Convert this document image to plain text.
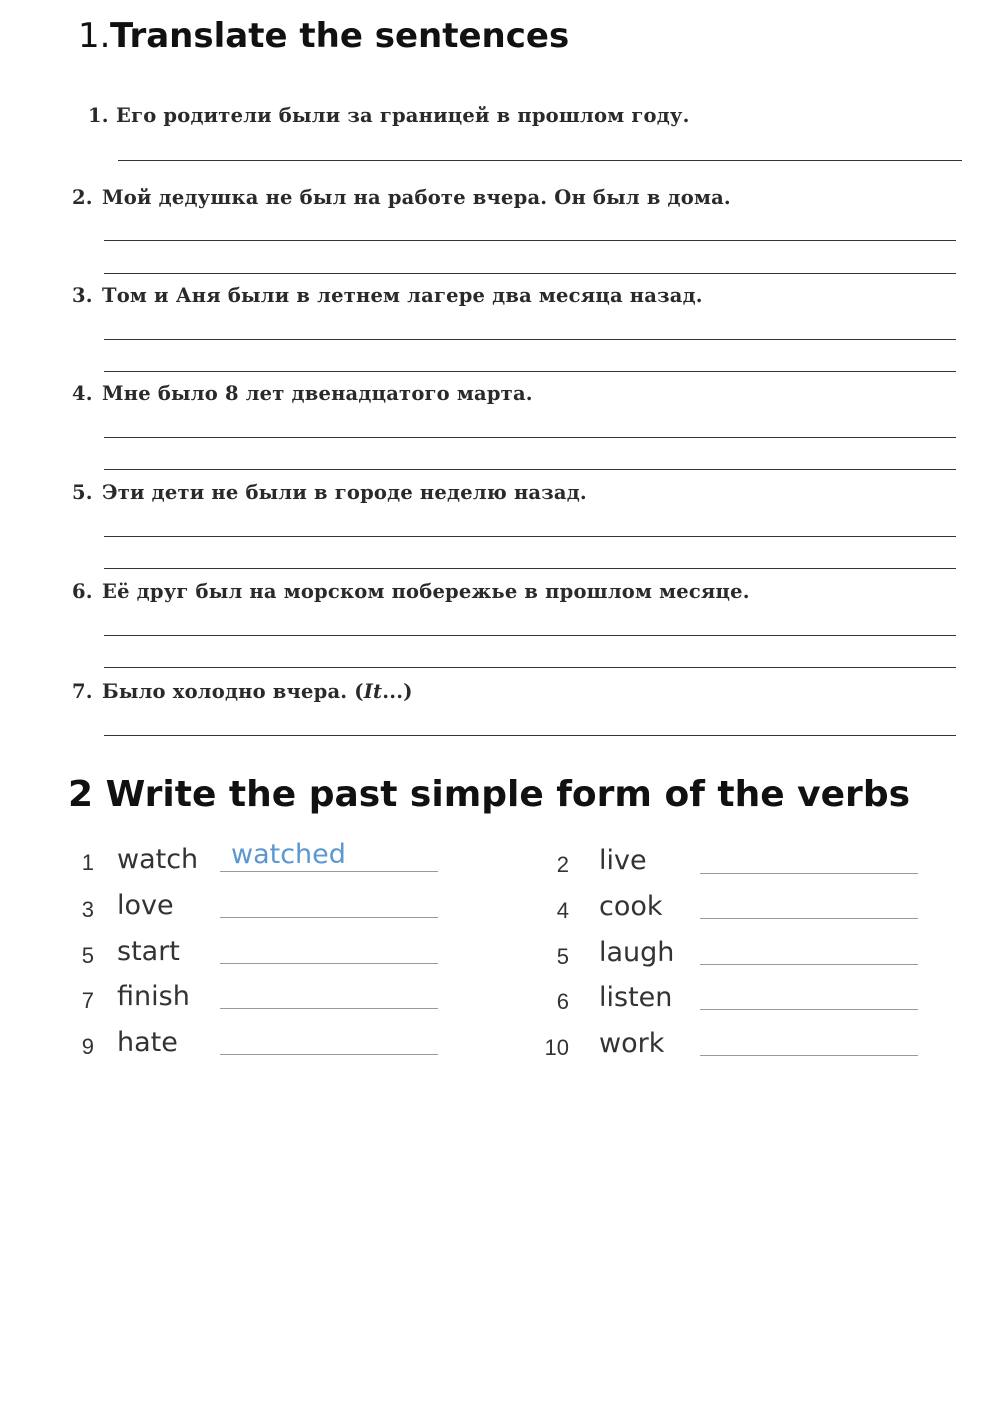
1. Translate the sentences
1. Его родители были за границей в прошлом году.
2. Мой дедушка не был на работе вчера. Он был в дома.
3. Том и Аня были в летнем лагере два месяца назад.
4. Мне было 8 лет двенадцатого марта.
5. Эти дети не были в городе неделю назад.
6. Её друг был на морском побережье в прошлом месяце.
7. Было холодно вчера. (It...)
2 Write the past simple form of the verbs
1 watch watched
3 love
5 start
7 finish
9 hate
2 live
4 cook
5 laugh
6 listen
10 work
